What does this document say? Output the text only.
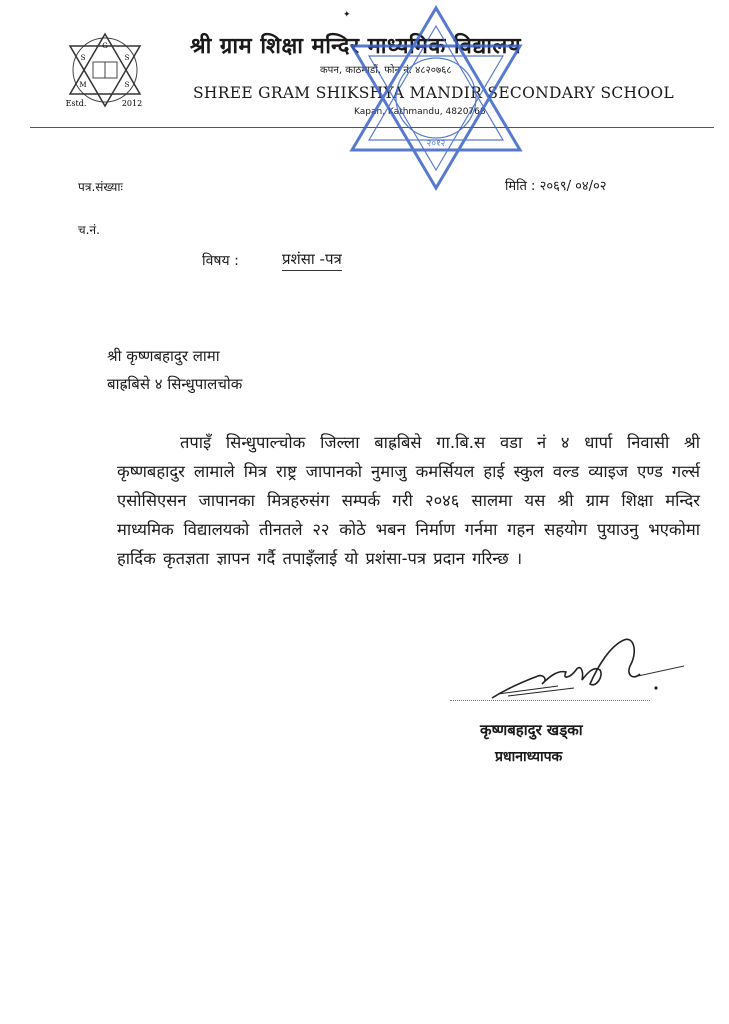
G
S	S
M	S
Estd.	2012
श्री ग्राम शिक्षा मन्दिर माध्यमिक विद्यालय
कपन, काठमाडौं, फोन नं. ४८२०७६८
SHREE GRAM SHIKSHYA MANDIR SECONDARY SCHOOL
Kapan, Kathmandu, 4820768
✦
२०१२
पत्र.संख्याः	मिति : २०६९/ ०४/०२
च.नं.
विषय :	प्रशंसा -पत्र
श्री कृष्णबहादुर लामा
बाह्रबिसे ४ सिन्धुपालचोक
तपाइँ सिन्धुपाल्चोक जिल्ला बाह्रबिसे गा.बि.स वडा नं ४ धार्पा निवासी श्री कृष्णबहादुर लामाले मित्र राष्ट्र जापानको नुमाजु कमर्सियल हाई स्कुल वल्ड व्याइज एण्ड गर्ल्स एसोसिएसन जापानका मित्रहरुसंग सम्पर्क गरी २०४६ सालमा यस श्री ग्राम शिक्षा मन्दिर माध्यमिक विद्यालयको तीनतले २२ कोठे भबन निर्माण गर्नमा गहन सहयोग पुयाउनु भएकोमा हार्दिक कृतज्ञता ज्ञापन गर्दै तपाइँलाई यो प्रशंसा-पत्र प्रदान गरिन्छ ।
कृष्णबहादुर खड्का
प्रधानाध्यापक
